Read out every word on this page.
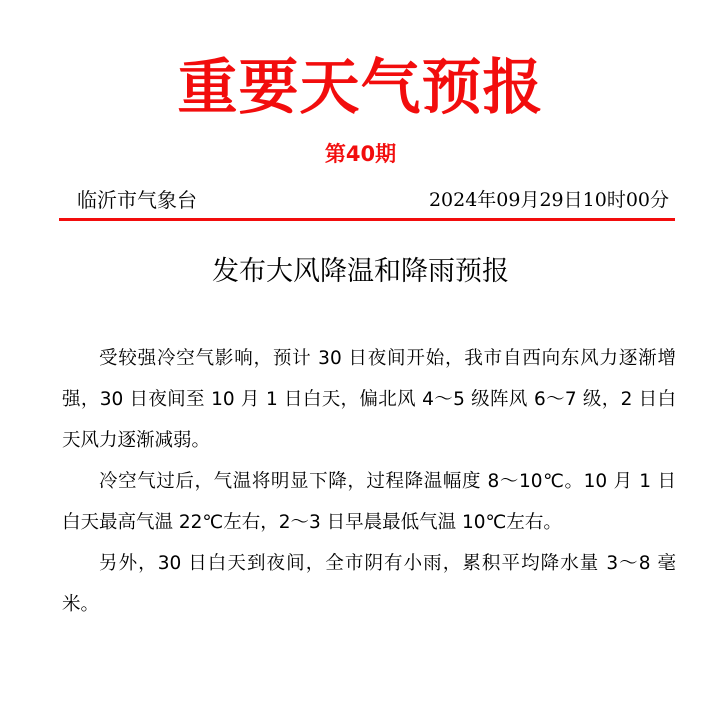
重要天气预报
第40期
临沂市气象台	2024年09月29日10时00分
发布大风降温和降雨预报

受较强冷空气影响，预计 30 日夜间开始，我市自西向东风力逐渐增强，30 日夜间至 10 月 1 日白天，偏北风 4～5 级阵风 6～7 级，2 日白天风力逐渐减弱。

冷空气过后，气温将明显下降，过程降温幅度 8～10℃。10 月 1 日白天最高气温 22℃左右，2～3 日早晨最低气温 10℃左右。

另外，30 日白天到夜间，全市阴有小雨，累积平均降水量 3～8 毫米。
